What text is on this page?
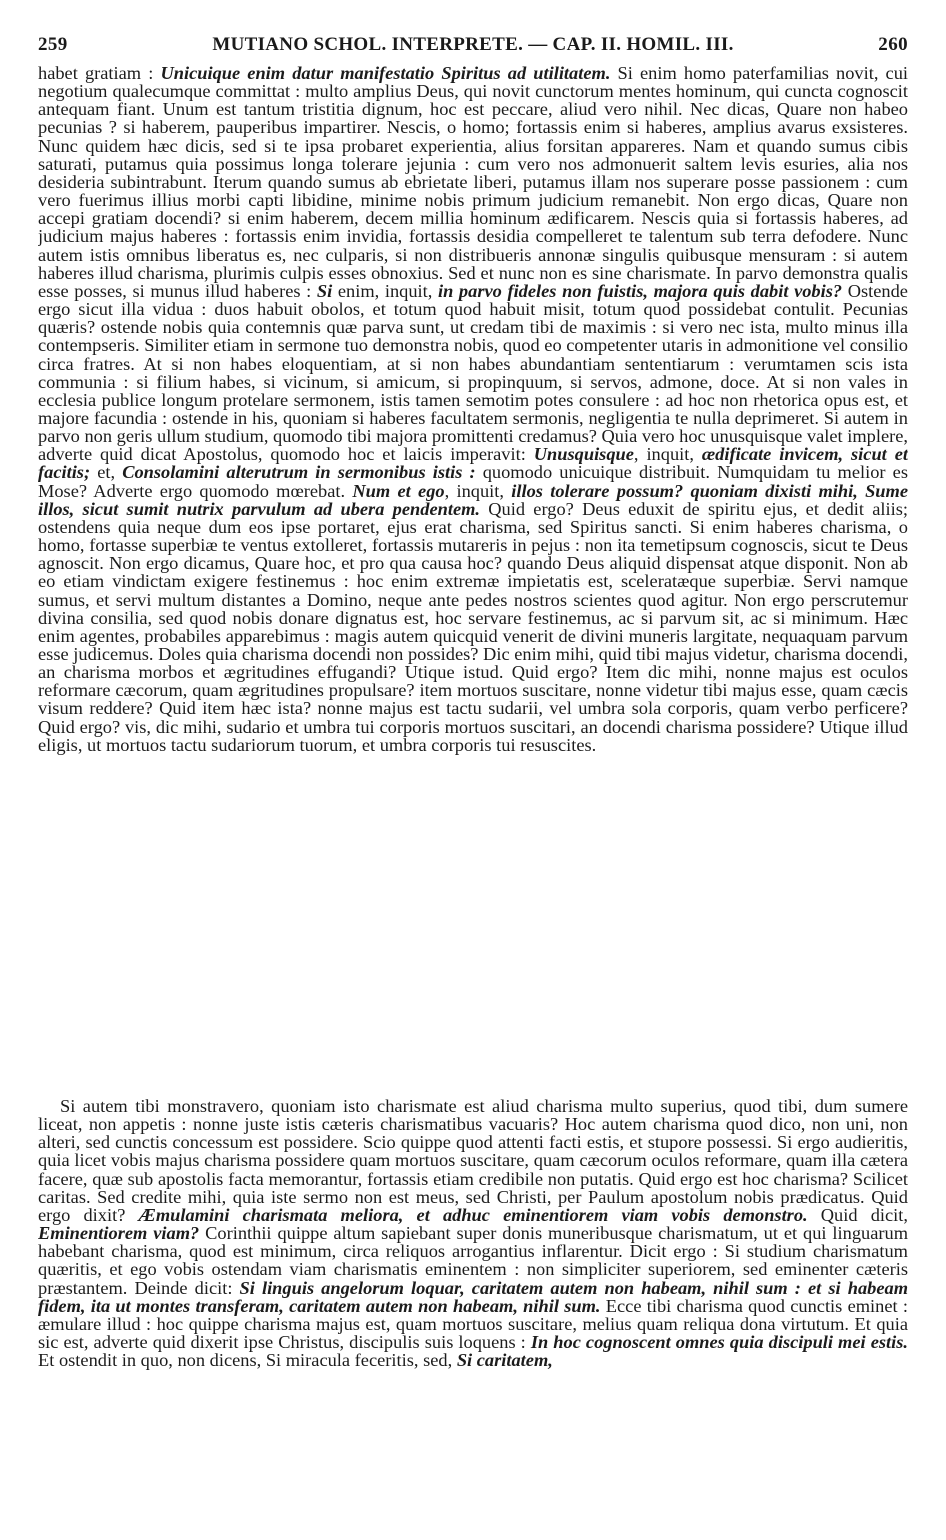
259	MUTIANO SCHOL. INTERPRETE. — CAP. II. HOMIL. III.	260

habet gratiam : Unicuique enim datur manifestatio Spiritus ad utilitatem. Si enim homo paterfamilias novit, cui negotium qualecumque committat : multo amplius Deus, qui novit cunctorum mentes hominum, qui cuncta cognoscit antequam fiant. Unum est tantum tristitia dignum, hoc est peccare, aliud vero nihil. Nec dicas, Quare non habeo pecunias ? si haberem, pauperibus impartirer. Nescis, o homo; fortassis enim si haberes, amplius avarus exsisteres. Nunc quidem hæc dicis, sed si te ipsa probaret experientia, alius forsitan appareres. Nam et quando sumus cibis saturati, putamus quia possimus longa tolerare jejunia : cum vero nos admonuerit saltem levis esuries, alia nos desideria subintrabunt. Iterum quando sumus ab ebrietate liberi, putamus illam nos superare posse passionem : cum vero fuerimus illius morbi capti libidine, minime nobis primum judicium remanebit. Non ergo dicas, Quare non accepi gratiam docendi? si enim haberem, decem millia hominum ædificarem. Nescis quia si fortassis haberes, ad judicium majus haberes : fortassis enim invidia, fortassis desidia compelleret te talentum sub terra defodere. Nunc autem istis omnibus liberatus es, nec culparis, si non distribueris annonæ singulis quibusque mensuram : si autem haberes illud charisma, plurimis culpis esses obnoxius. Sed et nunc non es sine charismate. In parvo demonstra qualis esse posses, si munus illud haberes : Si enim, inquit, in parvo fideles non fuistis, majora quis dabit vobis? Ostende ergo sicut illa vidua : duos habuit obolos, et totum quod habuit misit, totum quod possidebat contulit. Pecunias quæris? ostende nobis quia contemnis quæ parva sunt, ut credam tibi de maximis : si vero nec ista, multo minus illa contempseris. Similiter etiam in sermone tuo demonstra nobis, quod eo competenter utaris in admonitione vel consilio circa fratres. At si non habes eloquentiam, at si non habes abundantiam sententiarum : verumtamen scis ista communia : si filium habes, si vicinum, si amicum, si propinquum, si servos, admone, doce. At si non vales in ecclesia publice longum protelare sermonem, istis tamen semotim potes consulere : ad hoc non rhetorica opus est, et majore facundia : ostende in his, quoniam si haberes facultatem sermonis, negligentia te nulla deprimeret. Si autem in parvo non geris ullum studium, quomodo tibi majora promittenti credamus? Quia vero hoc unusquisque valet implere, adverte quid dicat Apostolus, quomodo hoc et laicis imperavit: Unusquisque, inquit, ædificate invicem, sicut et facitis; et, Consolamini alterutrum in sermonibus istis : quomodo unicuique distribuit. Numquidam tu melior es Mose? Adverte ergo quomodo mœrebat. Num et ego, inquit, illos tolerare possum? quoniam dixisti mihi, Sume illos, sicut sumit nutrix parvulum ad ubera pendentem. Quid ergo? Deus eduxit de spiritu ejus, et dedit aliis; ostendens quia neque dum eos ipse portaret, ejus erat charisma, sed Spiritus sancti. Si enim haberes charisma, o homo, fortasse superbiæ te ventus extolleret, fortassis mutareris in pejus : non ita temetipsum cognoscis, sicut te Deus agnoscit. Non ergo dicamus, Quare hoc, et pro qua causa hoc? quando Deus aliquid dispensat atque disponit. Non ab eo etiam vindictam exigere festinemus : hoc enim extremæ impietatis est, sceleratæque superbiæ. Servi namque sumus, et servi multum distantes a Domino, neque ante pedes nostros scientes quod agitur. Non ergo perscrutemur divina consilia, sed quod nobis donare dignatus est, hoc servare festinemus, ac si parvum sit, ac si minimum. Hæc enim agentes, probabiles apparebimus : magis autem quicquid venerit de divini muneris largitate, nequaquam parvum esse judicemus. Doles quia charisma docendi non possides? Dic enim mihi, quid tibi majus videtur, charisma docendi, an charisma morbos et ægritudines effugandi? Utique istud. Quid ergo? Item dic mihi, nonne majus est oculos reformare cæcorum, quam ægritudines propulsare? item mortuos suscitare, nonne videtur tibi majus esse, quam cæcis visum reddere? Quid item hæc ista? nonne majus est tactu sudarii, vel umbra sola corporis, quam verbo perficere? Quid ergo? vis, dic mihi, sudario et umbra tui corporis mortuos suscitari, an docendi charisma possidere? Utique illud eligis, ut mortuos tactu sudariorum tuorum, et umbra corporis tui resuscites.

Si autem tibi monstravero, quoniam isto charismate est aliud charisma multo superius, quod tibi, dum sumere liceat, non appetis : nonne juste istis cæteris charismatibus vacuaris? Hoc autem charisma quod dico, non uni, non alteri, sed cunctis concessum est possidere. Scio quippe quod attenti facti estis, et stupore possessi. Si ergo audieritis, quia licet vobis majus charisma possidere quam mortuos suscitare, quam cæcorum oculos reformare, quam illa cætera facere, quæ sub apostolis facta memorantur, fortassis etiam credibile non putatis. Quid ergo est hoc charisma? Scilicet caritas. Sed credite mihi, quia iste sermo non est meus, sed Christi, per Paulum apostolum nobis prædicatus. Quid ergo dixit? Æmulamini charismata meliora, et adhuc eminentiorem viam vobis demonstro. Quid dicit, Eminentiorem viam? Corinthii quippe altum sapiebant super donis muneribusque charismatum, ut et qui linguarum habebant charisma, quod est minimum, circa reliquos arrogantius inflarentur. Dicit ergo : Si studium charismatum quæritis, et ego vobis ostendam viam charismatis eminentem : non simpliciter superiorem, sed eminenter cæteris præstantem. Deinde dicit: Si linguis angelorum loquar, caritatem autem non habeam, nihil sum : et si habeam fidem, ita ut montes transferam, caritatem autem non habeam, nihil sum. Ecce tibi charisma quod cunctis eminet : æmulare illud : hoc quippe charisma majus est, quam mortuos suscitare, melius quam reliqua dona virtutum. Et quia sic est, adverte quid dixerit ipse Christus, discipulis suis loquens : In hoc cognoscent omnes quia discipuli mei estis. Et ostendit in quo, non dicens, Si miracula feceritis, sed, Si caritatem,
